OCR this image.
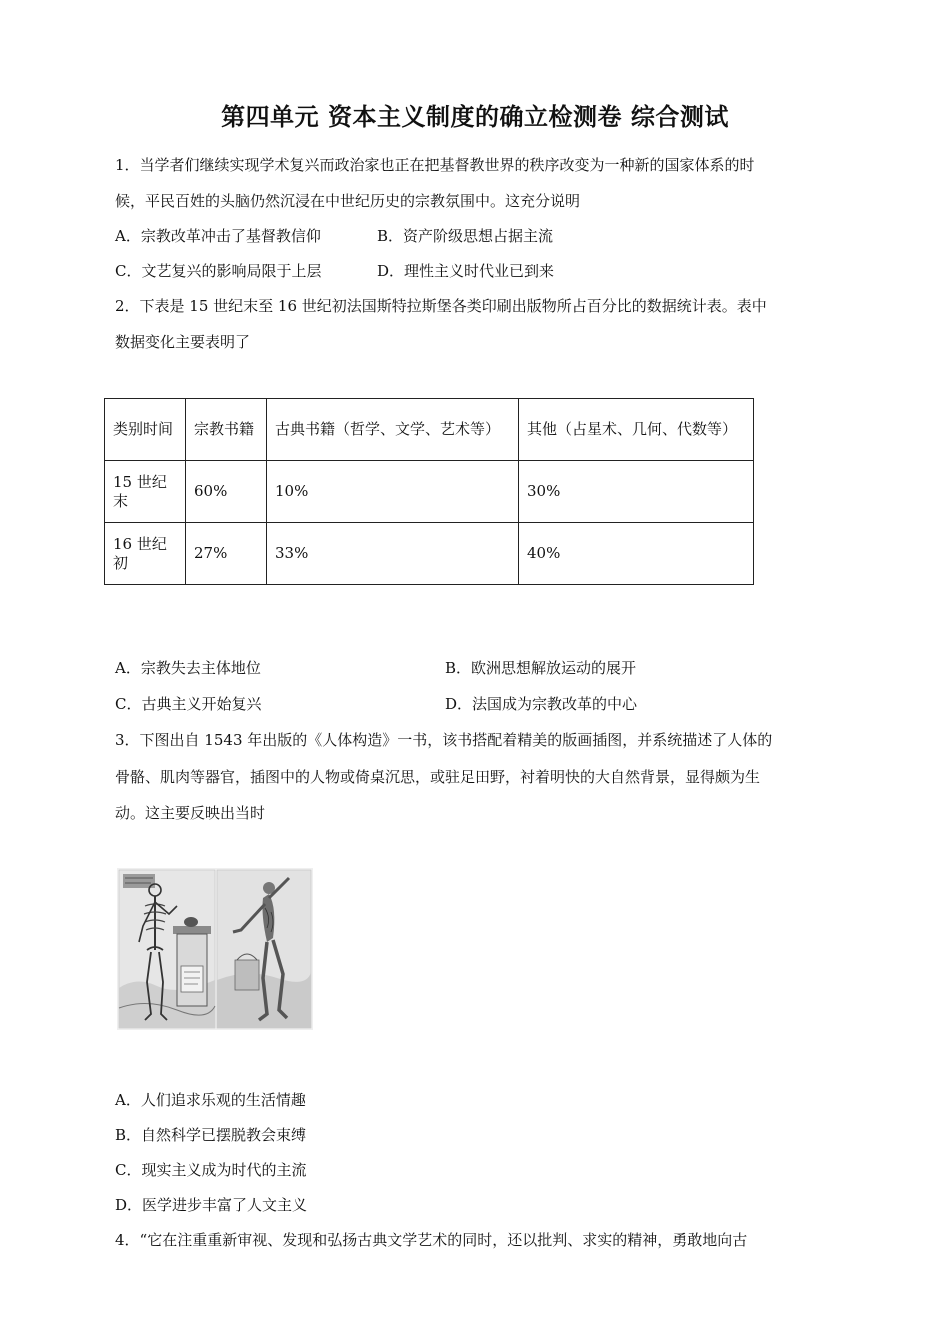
第四单元 资本主义制度的确立检测卷 综合测试
1．当学者们继续实现学术复兴而政治家也正在把基督教世界的秩序改变为一种新的国家体系的时
候，平民百姓的头脑仍然沉浸在中世纪历史的宗教氛围中。这充分说明
A．宗教改革冲击了基督教信仰	B．资产阶级思想占据主流
C．文艺复兴的影响局限于上层	D．理性主义时代业已到来
2．下表是 15 世纪末至 16 世纪初法国斯特拉斯堡各类印刷出版物所占百分比的数据统计表。表中
数据变化主要表明了
类别时间	宗教书籍	古典书籍（哲学、文学、艺术等）	其他（占星术、几何、代数等）
15 世纪末	60%	10%	30%
16 世纪初	27%	33%	40%
A．宗教失去主体地位	B．欧洲思想解放运动的展开
C．古典主义开始复兴	D．法国成为宗教改革的中心
3．下图出自 1543 年出版的《人体构造》一书，该书搭配着精美的版画插图，并系统描述了人体的
骨骼、肌肉等器官，插图中的人物或倚桌沉思，或驻足田野，衬着明快的大自然背景，显得颇为生
动。这主要反映出当时
A．人们追求乐观的生活情趣
B．自然科学已摆脱教会束缚
C．现实主义成为时代的主流
D．医学进步丰富了人文主义
4．“它在注重重新审视、发现和弘扬古典文学艺术的同时，还以批判、求实的精神，勇敢地向古
